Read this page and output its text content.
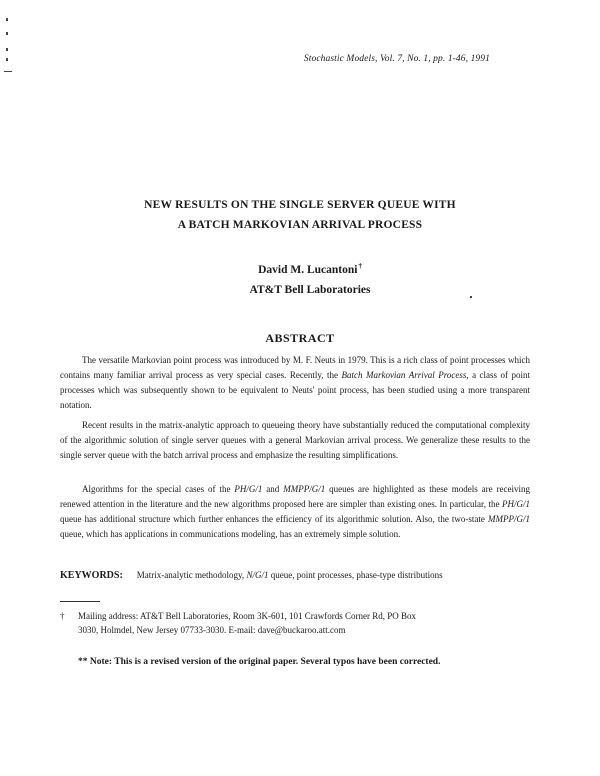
Stochastic Models, Vol. 7, No. 1, pp. 1-46, 1991
NEW RESULTS ON THE SINGLE SERVER QUEUE WITH
A BATCH MARKOVIAN ARRIVAL PROCESS
David M. Lucantoni†
AT&T Bell Laboratories
ABSTRACT
The versatile Markovian point process was introduced by M. F. Neuts in 1979. This is a rich class of point processes which contains many familiar arrival process as very special cases. Recently, the Batch Markovian Arrival Process, a class of point processes which was subsequently shown to be equivalent to Neuts' point process, has been studied using a more transparent notation.
Recent results in the matrix-analytic approach to queueing theory have substantially reduced the computational complexity of the algorithmic solution of single server queues with a general Markovian arrival process. We generalize these results to the single server queue with the batch arrival process and emphasize the resulting simplifications.
Algorithms for the special cases of the PH/G/1 and MMPP/G/1 queues are highlighted as these models are receiving renewed attention in the literature and the new algorithms proposed here are simpler than existing ones. In particular, the PH/G/1 queue has additional structure which further enhances the efficiency of its algorithmic solution. Also, the two-state MMPP/G/1 queue, which has applications in communications modeling, has an extremely simple solution.
KEYWORDS: Matrix-analytic methodology, N/G/1 queue, point processes, phase-type distributions
† Mailing address: AT&T Bell Laboratories, Room 3K-601, 101 Crawfords Corner Rd, PO Box
3030, Holmdel, New Jersey 07733-3030. E-mail: dave@buckaroo.att.com
** Note: This is a revised version of the original paper. Several typos have been corrected.
